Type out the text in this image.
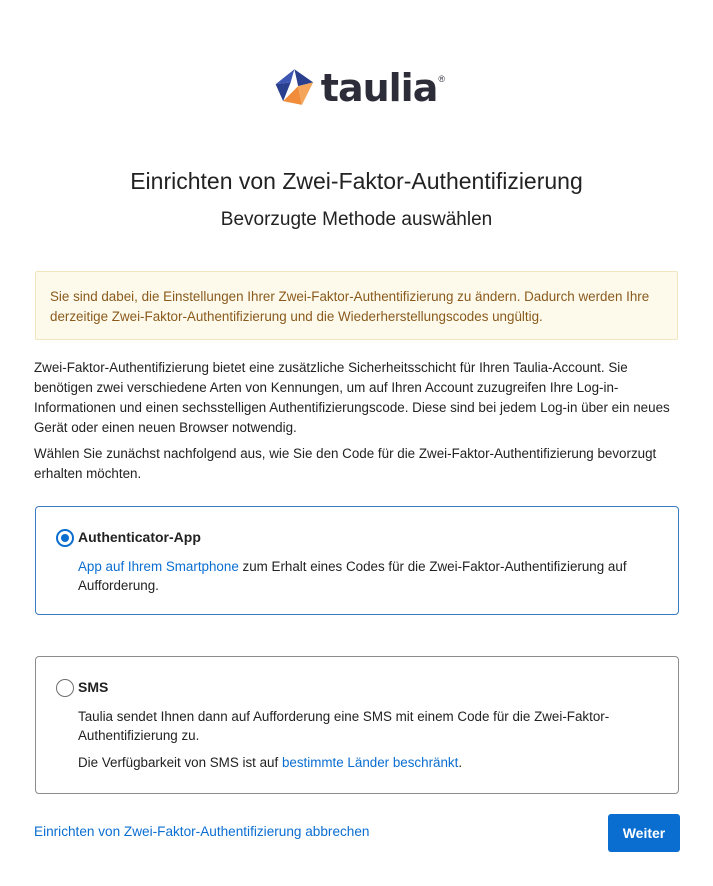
taulia ®
Einrichten von Zwei-Faktor-Authentifizierung
Bevorzugte Methode auswählen
Sie sind dabei, die Einstellungen Ihrer Zwei-Faktor-Authentifizierung zu ändern. Dadurch werden Ihre derzeitige Zwei-Faktor-Authentifizierung und die Wiederherstellungscodes ungültig.

Zwei-Faktor-Authentifizierung bietet eine zusätzliche Sicherheitsschicht für Ihren Taulia-Account. Sie benötigen zwei verschiedene Arten von Kennungen, um auf Ihren Account zuzugreifen Ihre Log-in-Informationen und einen sechsstelligen Authentifizierungscode. Diese sind bei jedem Log-in über ein neues Gerät oder einen neuen Browser notwendig.

Wählen Sie zunächst nachfolgend aus, wie Sie den Code für die Zwei-Faktor-Authentifizierung bevorzugt erhalten möchten.

Authenticator-App
App auf Ihrem Smartphone zum Erhalt eines Codes für die Zwei-Faktor-Authentifizierung auf Aufforderung.
SMS
Taulia sendet Ihnen dann auf Aufforderung eine SMS mit einem Code für die Zwei-Faktor-Authentifizierung zu.
Die Verfügbarkeit von SMS ist auf bestimmte Länder beschränkt.
Einrichten von Zwei-Faktor-Authentifizierung abbrechen	Weiter
